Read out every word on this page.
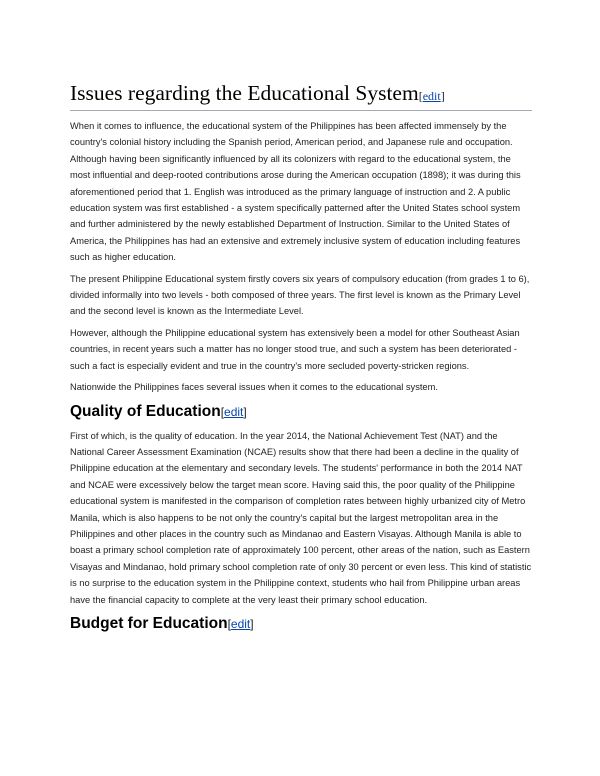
Issues regarding the Educational System[edit]

When it comes to influence, the educational system of the Philippines has been affected immensely by the country's colonial history including the Spanish period, American period, and Japanese rule and occupation. Although having been significantly influenced by all its colonizers with regard to the educational system, the most influential and deep-rooted contributions arose during the American occupation (1898); it was during this aforementioned period that 1. English was introduced as the primary language of instruction and 2. A public education system was first established - a system specifically patterned after the United States school system and further administered by the newly established Department of Instruction. Similar to the United States of America, the Philippines has had an extensive and extremely inclusive system of education including features such as higher education.

The present Philippine Educational system firstly covers six years of compulsory education (from grades 1 to 6), divided informally into two levels - both composed of three years. The first level is known as the Primary Level and the second level is known as the Intermediate Level.

However, although the Philippine educational system has extensively been a model for other Southeast Asian countries, in recent years such a matter has no longer stood true, and such a system has been deteriorated - such a fact is especially evident and true in the country's more secluded poverty-stricken regions.

Nationwide the Philippines faces several issues when it comes to the educational system.

Quality of Education[edit]

First of which, is the quality of education. In the year 2014, the National Achievement Test (NAT) and the National Career Assessment Examination (NCAE) results show that there had been a decline in the quality of Philippine education at the elementary and secondary levels. The students' performance in both the 2014 NAT and NCAE were excessively below the target mean score. Having said this, the poor quality of the Philippine educational system is manifested in the comparison of completion rates between highly urbanized city of Metro Manila, which is also happens to be not only the country's capital but the largest metropolitan area in the Philippines and other places in the country such as Mindanao and Eastern Visayas. Although Manila is able to boast a primary school completion rate of approximately 100 percent, other areas of the nation, such as Eastern Visayas and Mindanao, hold primary school completion rate of only 30 percent or even less. This kind of statistic is no surprise to the education system in the Philippine context, students who hail from Philippine urban areas have the financial capacity to complete at the very least their primary school education.

Budget for Education[edit]
